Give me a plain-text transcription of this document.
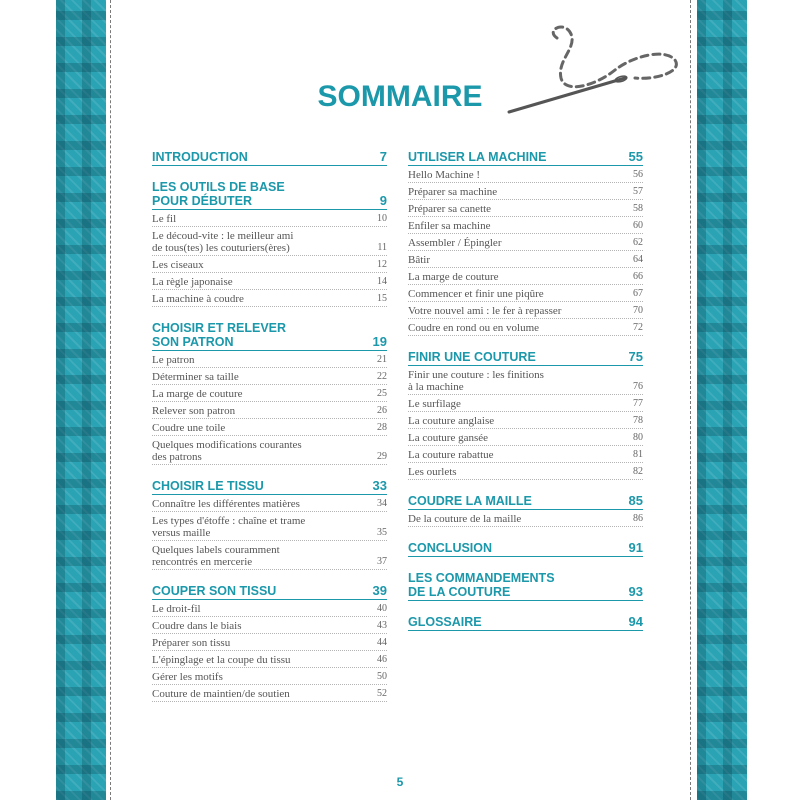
SOMMAIRE
INTRODUCTION	7
LES OUTILS DE BASE
POUR DÉBUTER	9
Le fil	10
Le découd-vite : le meilleur ami
de tous(tes) les couturiers(ères)	11
Les ciseaux	12
La règle japonaise	14
La machine à coudre	15
CHOISIR ET RELEVER
SON PATRON	19
Le patron	21
Déterminer sa taille	22
La marge de couture	25
Relever son patron	26
Coudre une toile	28
Quelques modifications courantes
des patrons	29
CHOISIR LE TISSU	33
Connaître les différentes matières	34
Les types d'étoffe : chaîne et trame
versus maille	35
Quelques labels couramment
rencontrés en mercerie	37
COUPER SON TISSU	39
Le droit-fil	40
Coudre dans le biais	43
Préparer son tissu	44
L'épinglage et la coupe du tissu	46
Gérer les motifs	50
Couture de maintien/de soutien	52
UTILISER LA MACHINE	55
Hello Machine !	56
Préparer sa machine	57
Préparer sa canette	58
Enfiler sa machine	60
Assembler / Épingler	62
Bâtir	64
La marge de couture	66
Commencer et finir une piqûre	67
Votre nouvel ami : le fer à repasser	70
Coudre en rond ou en volume	72
FINIR UNE COUTURE	75
Finir une couture : les finitions
à la machine	76
Le surfilage	77
La couture anglaise	78
La couture gansée	80
La couture rabattue	81
Les ourlets	82
COUDRE LA MAILLE	85
De la couture de la maille	86
CONCLUSION	91
LES COMMANDEMENTS
DE LA COUTURE	93
GLOSSAIRE	94
5
